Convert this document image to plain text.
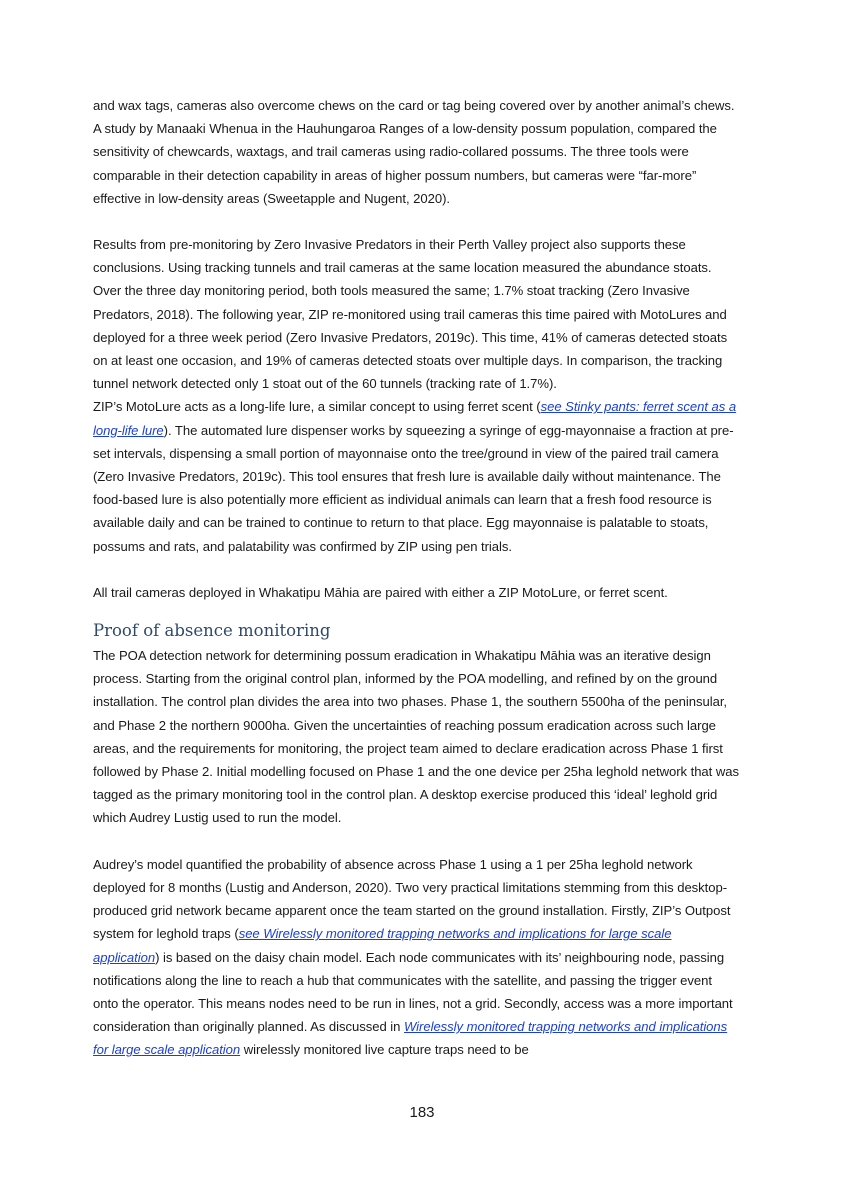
and wax tags, cameras also overcome chews on the card or tag being covered over by another animal’s chews. A study by Manaaki Whenua in the Hauhungaroa Ranges of a low-density possum population, compared the sensitivity of chewcards, waxtags, and trail cameras using radio-collared possums. The three tools were comparable in their detection capability in areas of higher possum numbers, but cameras were “far-more” effective in low-density areas (Sweetapple and Nugent, 2020).

Results from pre-monitoring by Zero Invasive Predators in their Perth Valley project also supports these conclusions. Using tracking tunnels and trail cameras at the same location measured the abundance stoats. Over the three day monitoring period, both tools measured the same; 1.7% stoat tracking (Zero Invasive Predators, 2018). The following year, ZIP re-monitored using trail cameras this time paired with MotoLures and deployed for a three week period (Zero Invasive Predators, 2019c). This time, 41% of cameras detected stoats on at least one occasion, and 19% of cameras detected stoats over multiple days. In comparison, the tracking tunnel network detected only 1 stoat out of the 60 tunnels (tracking rate of 1.7%).

ZIP’s MotoLure acts as a long-life lure, a similar concept to using ferret scent (see Stinky pants: ferret scent as a long-life lure). The automated lure dispenser works by squeezing a syringe of egg-mayonnaise a fraction at pre-set intervals, dispensing a small portion of mayonnaise onto the tree/ground in view of the paired trail camera (Zero Invasive Predators, 2019c). This tool ensures that fresh lure is available daily without maintenance. The food-based lure is also potentially more efficient as individual animals can learn that a fresh food resource is available daily and can be trained to continue to return to that place. Egg mayonnaise is palatable to stoats, possums and rats, and palatability was confirmed by ZIP using pen trials.

All trail cameras deployed in Whakatipu Māhia are paired with either a ZIP MotoLure, or ferret scent.

Proof of absence monitoring

The POA detection network for determining possum eradication in Whakatipu Māhia was an iterative design process. Starting from the original control plan, informed by the POA modelling, and refined by on the ground installation. The control plan divides the area into two phases. Phase 1, the southern 5500ha of the peninsular, and Phase 2 the northern 9000ha. Given the uncertainties of reaching possum eradication across such large areas, and the requirements for monitoring, the project team aimed to declare eradication across Phase 1 first followed by Phase 2. Initial modelling focused on Phase 1 and the one device per 25ha leghold network that was tagged as the primary monitoring tool in the control plan. A desktop exercise produced this ‘ideal’ leghold grid which Audrey Lustig used to run the model.

Audrey’s model quantified the probability of absence across Phase 1 using a 1 per 25ha leghold network deployed for 8 months (Lustig and Anderson, 2020). Two very practical limitations stemming from this desktop-produced grid network became apparent once the team started on the ground installation. Firstly, ZIP’s Outpost system for leghold traps (see Wirelessly monitored trapping networks and implications for large scale application) is based on the daisy chain model. Each node communicates with its’ neighbouring node, passing notifications along the line to reach a hub that communicates with the satellite, and passing the trigger event onto the operator. This means nodes need to be run in lines, not a grid. Secondly, access was a more important consideration than originally planned. As discussed in Wirelessly monitored trapping networks and implications for large scale application wirelessly monitored live capture traps need to be

183
